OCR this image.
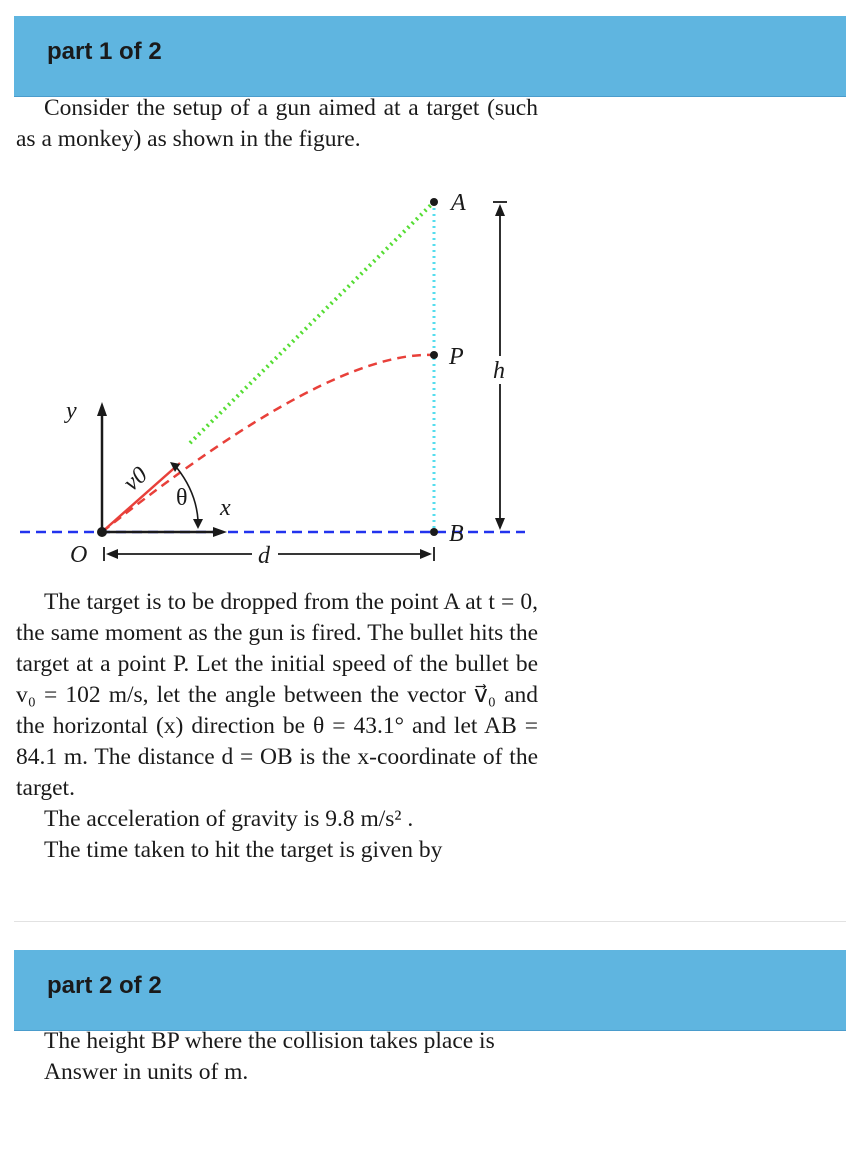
part 1 of 2

Consider the setup of a gun aimed at a target (such as a monkey) as shown in the figure.

A
P
B
O
h
d
y
x
θ
v0

The target is to be dropped from the point A at t = 0, the same moment as the gun is fired. The bullet hits the target at a point P. Let the initial speed of the bullet be v₀ = 102 m/s, let the angle between the vector v⃗₀ and the horizontal (x) direction be θ = 43.1° and let AB = 84.1 m. The distance d = OB is the x-coordinate of the target.

The acceleration of gravity is 9.8 m/s² .

The time taken to hit the target is given by

part 2 of 2

The height BP where the collision takes place is

Answer in units of m.
